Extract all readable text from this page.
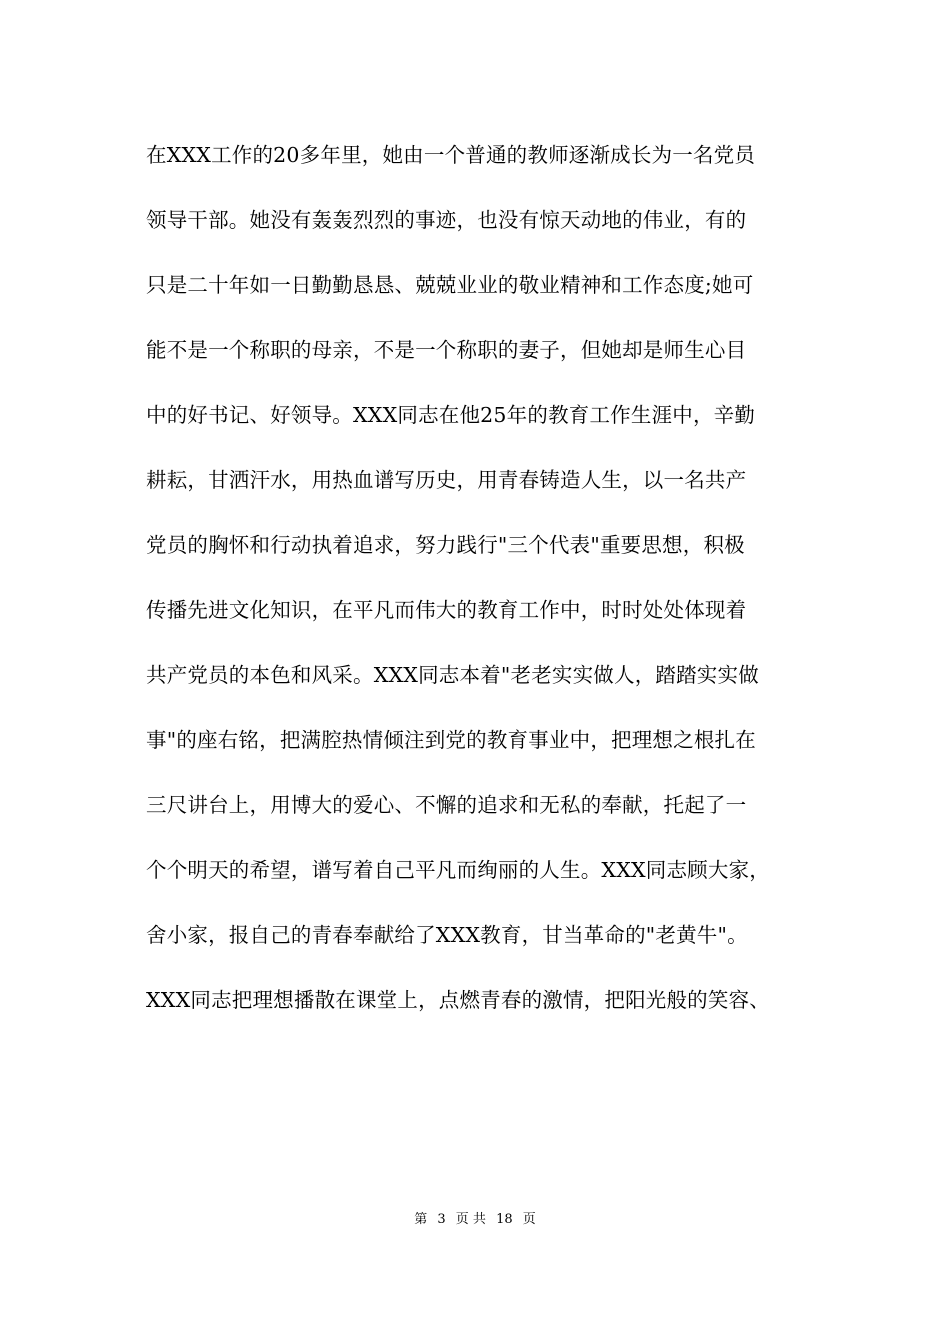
在XXX工作的20多年里，她由一个普通的教师逐渐成长为一名党员
领导干部。她没有轰轰烈烈的事迹，也没有惊天动地的伟业，有的
只是二十年如一日勤勤恳恳、兢兢业业的敬业精神和工作态度;她可
能不是一个称职的母亲，不是一个称职的妻子，但她却是师生心目
中的好书记、好领导。XXX同志在他25年的教育工作生涯中，辛勤
耕耘，甘洒汗水，用热血谱写历史，用青春铸造人生，以一名共产
党员的胸怀和行动执着追求，努力践行"三个代表"重要思想，积极
传播先进文化知识，在平凡而伟大的教育工作中，时时处处体现着
共产党员的本色和风采。XXX同志本着"老老实实做人，踏踏实实做
事"的座右铭，把满腔热情倾注到党的教育事业中，把理想之根扎在
三尺讲台上，用博大的爱心、不懈的追求和无私的奉献，托起了一
个个明天的希望，谱写着自己平凡而绚丽的人生。XXX同志顾大家，
舍小家，报自己的青春奉献给了XXX教育，甘当革命的"老黄牛"。
XXX同志把理想播散在课堂上，点燃青春的激情，把阳光般的笑容、
第 3 页 共 18 页
